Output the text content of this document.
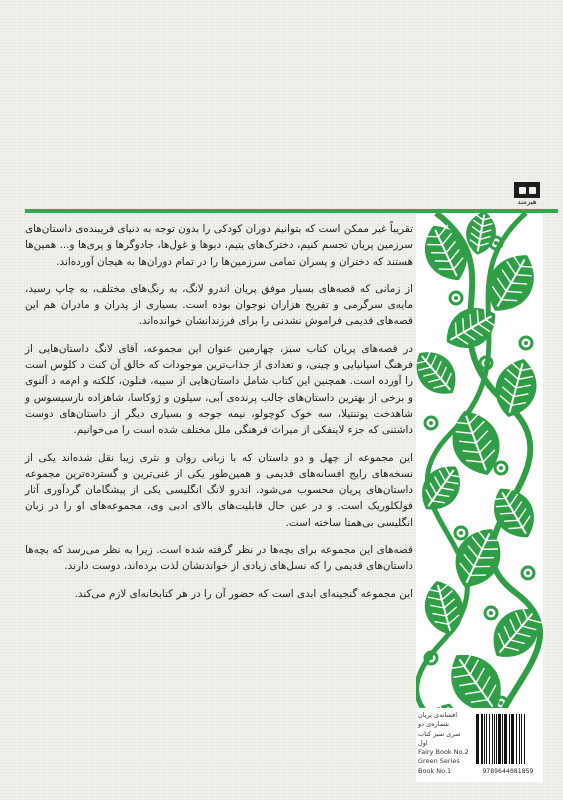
هیرمند

تقریباً غیر ممکن است که بتوانیم دوران کودکی را بدون توجه به دنیای فریبنده‌ی داستان‌های سرزمین پریان تجسم کنیم، دخترک‌های یتیم، دیوها و غول‌ها، جادوگرها و پری‌ها و... همین‌ها هستند که دختران و پسران تمامی سرزمین‌ها را در تمام دوران‌ها به هیجان آورده‌اند.

از زمانی که قصه‌های بسیار موفق پریان اندرو لانگ، به رنگ‌های مختلف، به چاپ رسید، مایه‌ی سرگرمی و تفریح هزاران نوجوان بوده است. بسیاری از پدران و مادران هم این قصه‌های قدیمی فراموش نشدنی را برای فرزندانشان خوانده‌اند.

در قصه‌های پریان کتاب سبز، چهارمین عنوان این مجموعه، آقای لانگ داستان‌هایی از فرهنگ اسپانیایی و چینی، و تعدادی از جذاب‌ترین موجودات که خالق آن کنت د کلوس است را آورده است. همچنین این کتاب شامل داستان‌هایی از سیبه، فنلون، کلکته و ام‌مه د آلنوی و برخی از بهترین داستان‌های جالب پرنده‌ی آبی، سیلون و ژوکاسا، شاهزاده نارسیسوس و شاهدخت پوتنتیلا، سه خوک کوچولو، نیمه جوجه و بسیاری دیگر از داستان‌های دوست داشتنی که جزء لاینفکی از میراث فرهنگی ملل مختلف شده است را می‌خوانیم.

این مجموعه از چهل و دو داستان که با زبانی روان و نثری زیبا نقل شده‌اند یکی از نسخه‌های رایج افسانه‌های قدیمی و همین‌طور یکی از غنی‌ترین و گسترده‌ترین مجموعه داستان‌های پریان محسوب می‌شود. اندرو لانگ انگلیسی یکی از پیشگامان گردآوری آثار فولکلوریک است. و در عین حال قابلیت‌های بالای ادبی وی، مجموعه‌های او را در زبان انگلیسی بی‌همتا ساخته است.

قصه‌های این مجموعه برای بچه‌ها در نظر گرفته شده است. زیرا به نظر می‌رسد که بچه‌ها داستان‌های قدیمی را که نسل‌های زیادی از خواندنشان لذت برده‌اند، دوست دارند.

این مجموعه گنجینه‌ای ابدی است که حضور آن را در هر کتابخانه‌ای لازم می‌کند.

افسانه‌ی پریان شماره‌ی دو
سری سبز کتاب اول
Fairy Book No.2
Green Series
Book No.1	9789644081859
